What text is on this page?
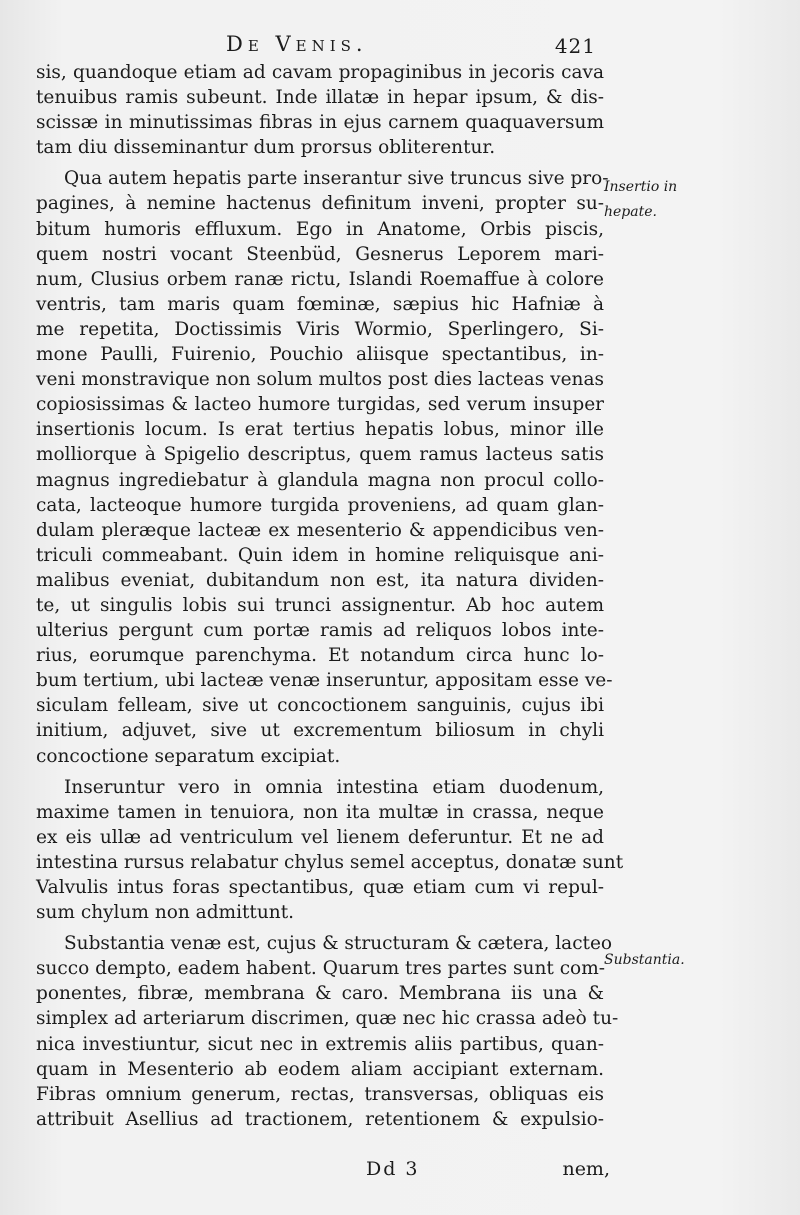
De Venis.	421
sis, quandoque etiam ad cavam propaginibus in jecoris cava
tenuibus ramis subeunt. Inde illatæ in hepar ipsum, & dis-
scissæ in minutissimas fibras in ejus carnem quaquaversum
tam diu disseminantur dum prorsus obliterentur.
Qua autem hepatis parte inserantur sive truncus sive pro-
pagines, à nemine hactenus definitum inveni, propter su-
bitum humoris effluxum. Ego in Anatome, Orbis piscis,
quem nostri vocant Steenbüd, Gesnerus Leporem mari-
num, Clusius orbem ranæ rictu, Islandi Roemaffue à colore
ventris, tam maris quam fœminæ, sæpius hic Hafniæ à
me repetita, Doctissimis Viris Wormio, Sperlingero, Si-
mone Paulli, Fuirenio, Pouchio aliisque spectantibus, in-
veni monstravique non solum multos post dies lacteas venas
copiosissimas & lacteo humore turgidas, sed verum insuper
insertionis locum. Is erat tertius hepatis lobus, minor ille
molliorque à Spigelio descriptus, quem ramus lacteus satis
magnus ingrediebatur à glandula magna non procul collo-
cata, lacteoque humore turgida proveniens, ad quam glan-
dulam pleræque lacteæ ex mesenterio & appendicibus ven-
triculi commeabant. Quin idem in homine reliquisque ani-
malibus eveniat, dubitandum non est, ita natura dividen-
te, ut singulis lobis sui trunci assignentur. Ab hoc autem
ulterius pergunt cum portæ ramis ad reliquos lobos inte-
rius, eorumque parenchyma. Et notandum circa hunc lo-
bum tertium, ubi lacteæ venæ inseruntur, appositam esse ve-
siculam felleam, sive ut concoctionem sanguinis, cujus ibi
initium, adjuvet, sive ut excrementum biliosum in chyli
concoctione separatum excipiat.
Inseruntur vero in omnia intestina etiam duodenum,
maxime tamen in tenuiora, non ita multæ in crassa, neque
ex eis ullæ ad ventriculum vel lienem deferuntur. Et ne ad
intestina rursus relabatur chylus semel acceptus, donatæ sunt
Valvulis intus foras spectantibus, quæ etiam cum vi repul-
sum chylum non admittunt.
Substantia venæ est, cujus & structuram & cætera, lacteo
succo dempto, eadem habent. Quarum tres partes sunt com-
ponentes, fibræ, membrana & caro. Membrana iis una &
simplex ad arteriarum discrimen, quæ nec hic crassa adeò tu-
nica investiuntur, sicut nec in extremis aliis partibus, quan-
quam in Mesenterio ab eodem aliam accipiant externam.
Fibras omnium generum, rectas, transversas, obliquas eis
attribuit Asellius ad tractionem, retentionem & expulsio-
Insertio in hepate.
Substantia.
Dd 3	nem,
